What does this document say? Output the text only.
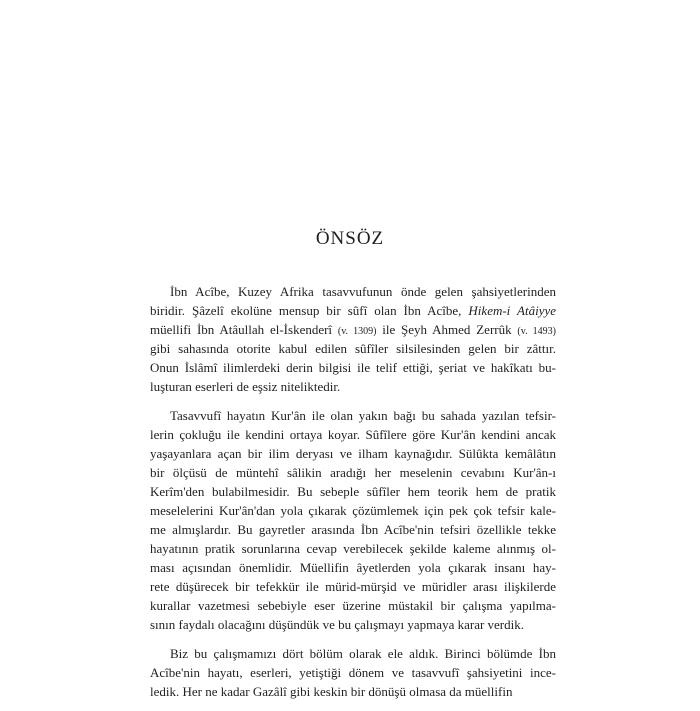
ÖNSÖZ
İbn Acîbe, Kuzey Afrika tasavvufunun önde gelen şahsiyetlerinden
biridir. Şâzelî ekolüne mensup bir sûfî olan İbn Acîbe, Hikem-i Atâiyye
müellifi İbn Atâullah el-İskenderî (v. 1309) ile Şeyh Ahmed Zerrûk (v. 1493)
gibi sahasında otorite kabul edilen sûfîler silsilesinden gelen bir zâttır.
Onun İslâmî ilimlerdeki derin bilgisi ile telif ettiği, şeriat ve hakîkatı bu-
luşturan eserleri de eşsiz niteliktedir.
Tasavvufî hayatın Kur'ân ile olan yakın bağı bu sahada yazılan tefsir-
lerin çokluğu ile kendini ortaya koyar. Sûfîlere göre Kur'ân kendini ancak
yaşayanlara açan bir ilim deryası ve ilham kaynağıdır. Sülûkta kemâlâtın
bir ölçüsü de müntehî sâlikin aradığı her meselenin cevabını Kur'ân-ı
Kerîm'den bulabilmesidir. Bu sebeple sûfîler hem teorik hem de pratik
meselelerini Kur'ân'dan yola çıkarak çözümlemek için pek çok tefsir kale-
me almışlardır. Bu gayretler arasında İbn Acîbe'nin tefsiri özellikle tekke
hayatının pratik sorunlarına cevap verebilecek şekilde kaleme alınmış ol-
ması açısından önemlidir. Müellifin âyetlerden yola çıkarak insanı hay-
rete düşürecek bir tefekkür ile mürid-mürşid ve müridler arası ilişkilerde
kurallar vazetmesi sebebiyle eser üzerine müstakil bir çalışma yapılma-
sının faydalı olacağını düşündük ve bu çalışmayı yapmaya karar verdik.
Biz bu çalışmamızı dört bölüm olarak ele aldık. Birinci bölümde İbn
Acîbe'nin hayatı, eserleri, yetiştiği dönem ve tasavvufî şahsiyetini ince-
ledik. Her ne kadar Gazâlî gibi keskin bir dönüşü olmasa da müellifin
